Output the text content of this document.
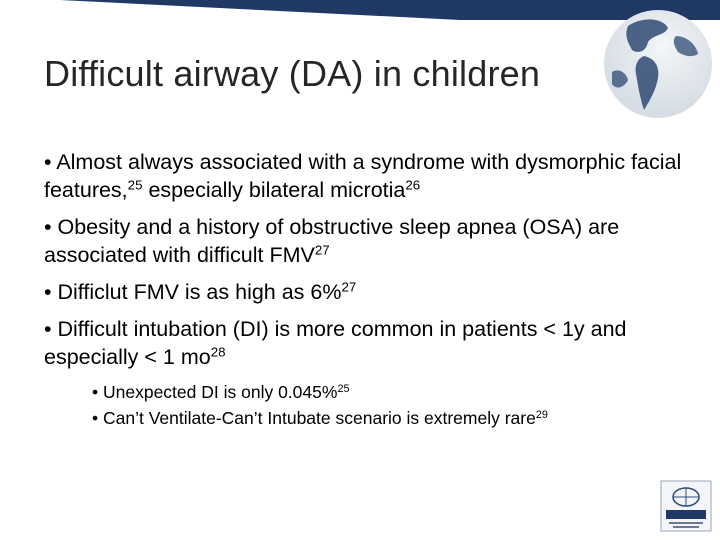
Difficult airway (DA) in children

• Almost always associated with a syndrome with dysmorphic facial features,$^{25}$ especially bilateral microtia$^{26}$

• Obesity and a history of obstructive sleep apnea (OSA) are associated with difficult FMV$^{27}$

• Difficlut FMV is as high as 6%$^{27}$

• Difficult intubation (DI) is more common in patients < 1y and especially < 1 $mo^{28}$

• Unexpected DI is only 0.045%$^{25}$

• Can’t Ventilate-Can’t Intubate scenario is extremely rare$^{29}$
